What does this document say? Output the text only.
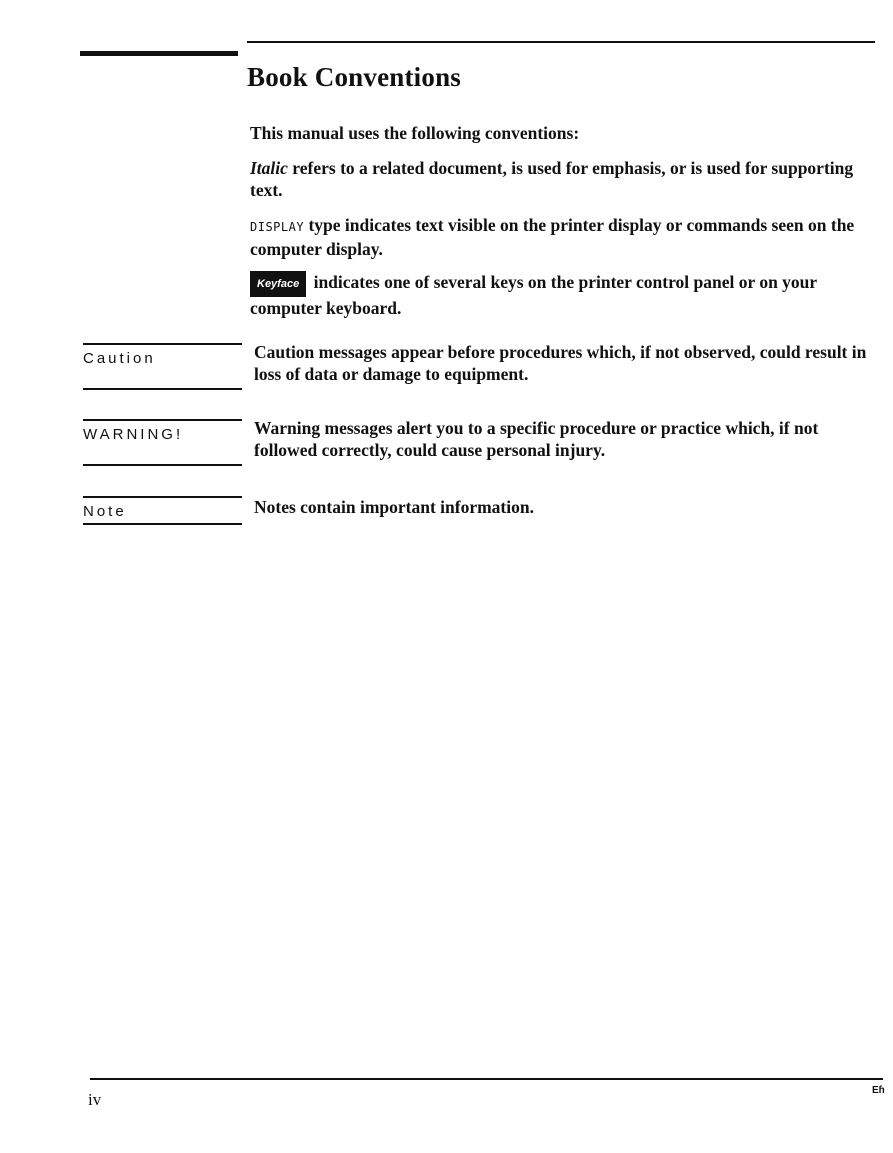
Book Conventions
This manual uses the following conventions:
Italic refers to a related document, is used for emphasis, or is used for supporting text.
DISPLAY type indicates text visible on the printer display or commands seen on the computer display.
Keyface indicates one of several keys on the printer control panel or on your computer keyboard.
Caution	Caution messages appear before procedures which, if not observed, could result in loss of data or damage to equipment.
WARNING!	Warning messages alert you to a specific procedure or practice which, if not followed correctly, could cause personal injury.
Note	Notes contain important information.
iv	Eɦ
